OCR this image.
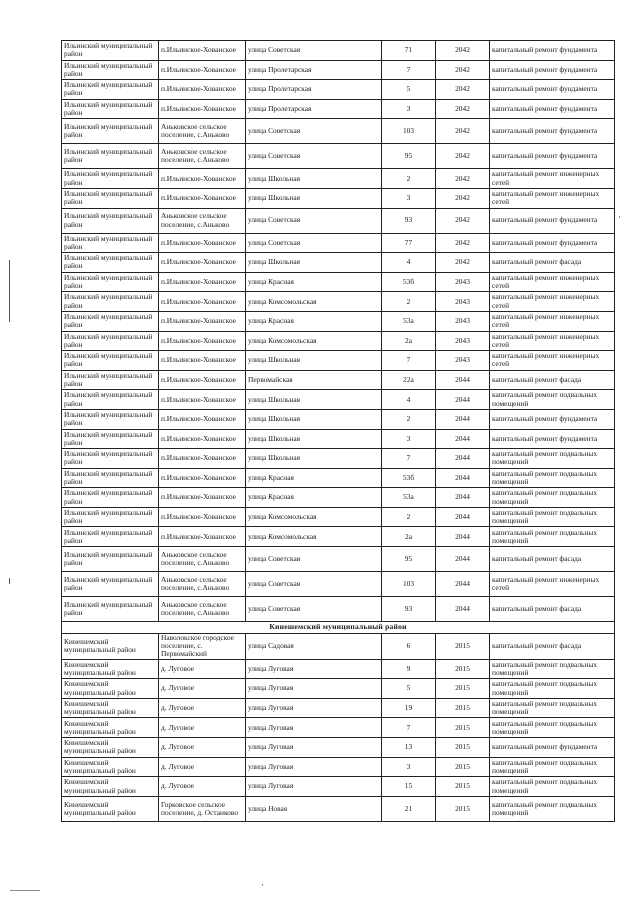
Ильинский муниципальный район	п.Ильинское-Хованское	улица Советская	71	2042	капитальный ремонт фундамента
Ильинский муниципальный район	п.Ильинское-Хованское	улица Пролетарская	7	2042	капитальный ремонт фундамента
Ильинский муниципальный район	п.Ильинское-Хованское	улица Пролетарская	5	2042	капитальный ремонт фундамента
Ильинский муниципальный район	п.Ильинское-Хованское	улица Пролетарская	3	2042	капитальный ремонт фундамента
Ильинский муниципальный район	Аньковское сельское поселение, с.Аньково	улица Советская	103	2042	капитальный ремонт фундамента
Ильинский муниципальный район	Аньковское сельское поселение, с.Аньково	улица Советская	95	2042	капитальный ремонт фундамента
Ильинский муниципальный район	п.Ильинское-Хованское	улица Школьная	2	2042	капитальный ремонт инженерных сетей
Ильинский муниципальный район	п.Ильинское-Хованское	улица Школьная	3	2042	капитальный ремонт инженерных сетей
Ильинский муниципальный район	Аньковское сельское поселение, с.Аньково	улица Советская	93	2042	капитальный ремонт фундамента
Ильинский муниципальный район	п.Ильинское-Хованское	улица Советская	77	2042	капитальный ремонт фундамента
Ильинский муниципальный район	п.Ильинское-Хованское	улица Школьная	4	2042	капитальный ремонт фасада
Ильинский муниципальный район	п.Ильинское-Хованское	улица Красная	53б	2043	капитальный ремонт инженерных сетей
Ильинский муниципальный район	п.Ильинское-Хованское	улица Комсомольская	2	2043	капитальный ремонт инженерных сетей
Ильинский муниципальный район	п.Ильинское-Хованское	улица Красная	53а	2043	капитальный ремонт инженерных сетей
Ильинский муниципальный район	п.Ильинское-Хованское	улица Комсомольская	2а	2043	капитальный ремонт инженерных сетей
Ильинский муниципальный район	п.Ильинское-Хованское	улица Школьная	7	2043	капитальный ремонт инженерных сетей
Ильинский муниципальный район	п.Ильинское-Хованское	Первомайская	22а	2044	капитальный ремонт фасада
Ильинский муниципальный район	п.Ильинское-Хованское	улица Школьная	4	2044	капитальный ремонт подвальных помещений
Ильинский муниципальный район	п.Ильинское-Хованское	улица Школьная	2	2044	капитальный ремонт фундамента
Ильинский муниципальный район	п.Ильинское-Хованское	улица Школьная	3	2044	капитальный ремонт фундамента
Ильинский муниципальный район	п.Ильинское-Хованское	улица Школьная	7	2044	капитальный ремонт подвальных помещений
Ильинский муниципальный район	п.Ильинское-Хованское	улица Красная	53б	2044	капитальный ремонт подвальных помещений
Ильинский муниципальный район	п.Ильинское-Хованское	улица Красная	53а	2044	капитальный ремонт подвальных помещений
Ильинский муниципальный район	п.Ильинское-Хованское	улица Комсомольская	2	2044	капитальный ремонт подвальных помещений
Ильинский муниципальный район	п.Ильинское-Хованское	улица Комсомольская	2а	2044	капитальный ремонт подвальных помещений
Ильинский муниципальный район	Аньковское сельское поселение, с.Аньково	улица Советская	95	2044	капитальный ремонт фасада
Ильинский муниципальный район	Аньковское сельское поселение, с.Аньково	улица Советская	103	2044	капитальный ремонт инженерных сетей
Ильинский муниципальный район	Аньковское сельское поселение, с.Аньково	улица Советская	93	2044	капитальный ремонт фасада
Кинешемский муниципальный район					
Кинешемский муниципальный район	Наволокское городское поселение, с. Первомайский	улица Садовая	6	2015	капитальный ремонт фасада
Кинешемский муниципальный район	д. Луговое	улица Луговая	9	2015	капитальный ремонт подвальных помещений
Кинешемский муниципальный район	д. Луговое	улица Луговая	5	2015	капитальный ремонт подвальных помещений
Кинешемский муниципальный район	д. Луговое	улица Луговая	19	2015	капитальный ремонт подвальных помещений
Кинешемский муниципальный район	д. Луговое	улица Луговая	7	2015	капитальный ремонт подвальных помещений
Кинешемский муниципальный район	д. Луговое	улица Луговая	13	2015	капитальный ремонт фундамента
Кинешемский муниципальный район	д. Луговое	улица Луговая	3	2015	капитальный ремонт подвальных помещений
Кинешемский муниципальный район	д. Луговое	улица Луговая	15	2015	капитальный ремонт подвальных помещений
Кинешемский муниципальный район	Горковское сельское поселение, д. Останково	улица Новая	21	2015	капитальный ремонт подвальных помещений
